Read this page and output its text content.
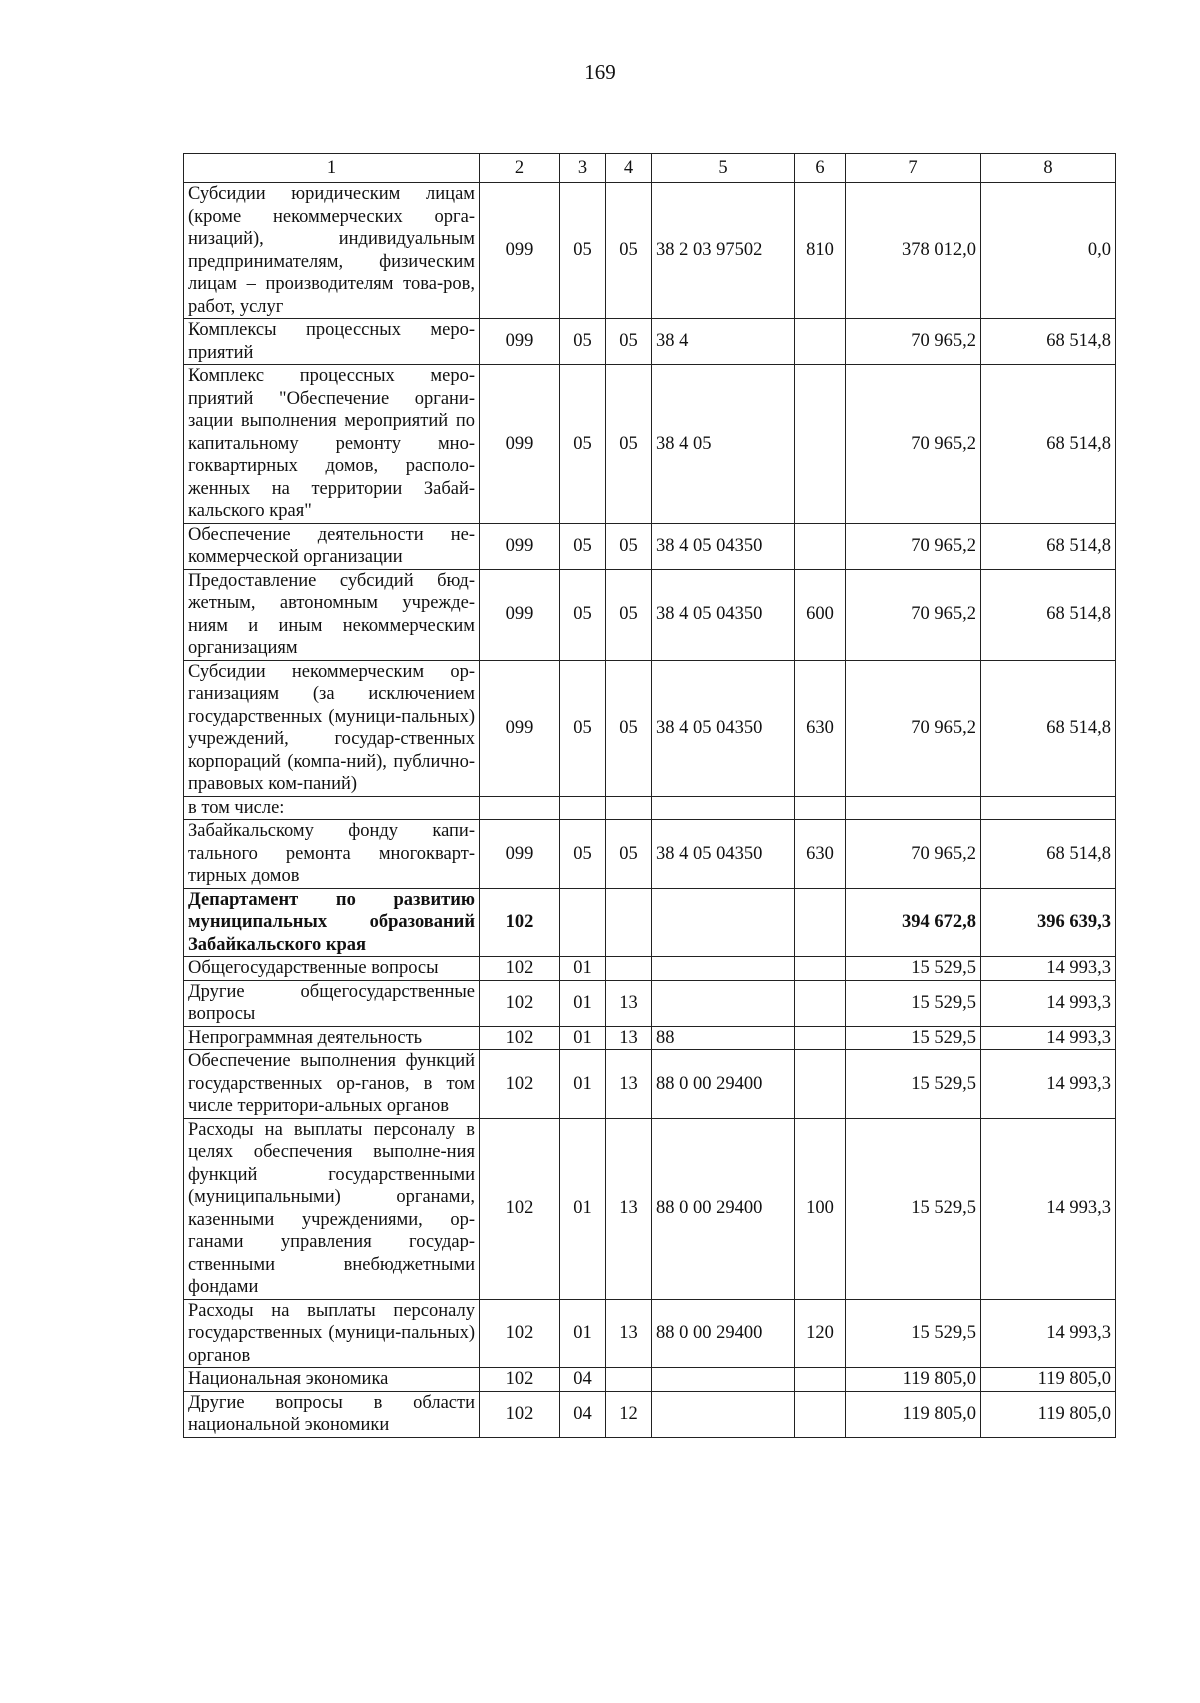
169
1	2	3	4	5	6	7	8
Субсидии юридическим лицам (кроме некоммерческих орга-низаций), индивидуальным предпринимателям, физическим лицам – производителям това-ров, работ, услуг	099	05	05	38 2 03 97502	810	378 012,0	0,0
Комплексы процессных меро-приятий	099	05	05	38 4		70 965,2	68 514,8
Комплекс процессных меро-приятий "Обеспечение органи-зации выполнения мероприятий по капитальному ремонту мно-гоквартирных домов, располо-женных на территории Забай-кальского края"	099	05	05	38 4 05		70 965,2	68 514,8
Обеспечение деятельности не-коммерческой организации	099	05	05	38 4 05 04350		70 965,2	68 514,8
Предоставление субсидий бюд-жетным, автономным учрежде-ниям и иным некоммерческим организациям	099	05	05	38 4 05 04350	600	70 965,2	68 514,8
Субсидии некоммерческим ор-ганизациям (за исключением государственных (муници-пальных) учреждений, государ-ственных корпораций (компа-ний), публично-правовых ком-паний)	099	05	05	38 4 05 04350	630	70 965,2	68 514,8
в том числе:							
Забайкальскому фонду капи-тального ремонта многокварт-тирных домов	099	05	05	38 4 05 04350	630	70 965,2	68 514,8
Департамент по развитию муниципальных образований Забайкальского края	102					394 672,8	396 639,3
Общегосударственные вопросы	102	01				15 529,5	14 993,3
Другие общегосударственные вопросы	102	01	13			15 529,5	14 993,3
Непрограммная деятельность	102	01	13	88		15 529,5	14 993,3
Обеспечение выполнения функций государственных ор-ганов, в том числе территори-альных органов	102	01	13	88 0 00 29400		15 529,5	14 993,3
Расходы на выплаты персоналу в целях обеспечения выполне-ния функций государственными (муниципальными) органами, казенными учреждениями, ор-ганами управления государ-ственными внебюджетными фондами	102	01	13	88 0 00 29400	100	15 529,5	14 993,3
Расходы на выплаты персоналу государственных (муници-пальных) органов	102	01	13	88 0 00 29400	120	15 529,5	14 993,3
Национальная экономика	102	04				119 805,0	119 805,0
Другие вопросы в области национальной экономики	102	04	12			119 805,0	119 805,0
